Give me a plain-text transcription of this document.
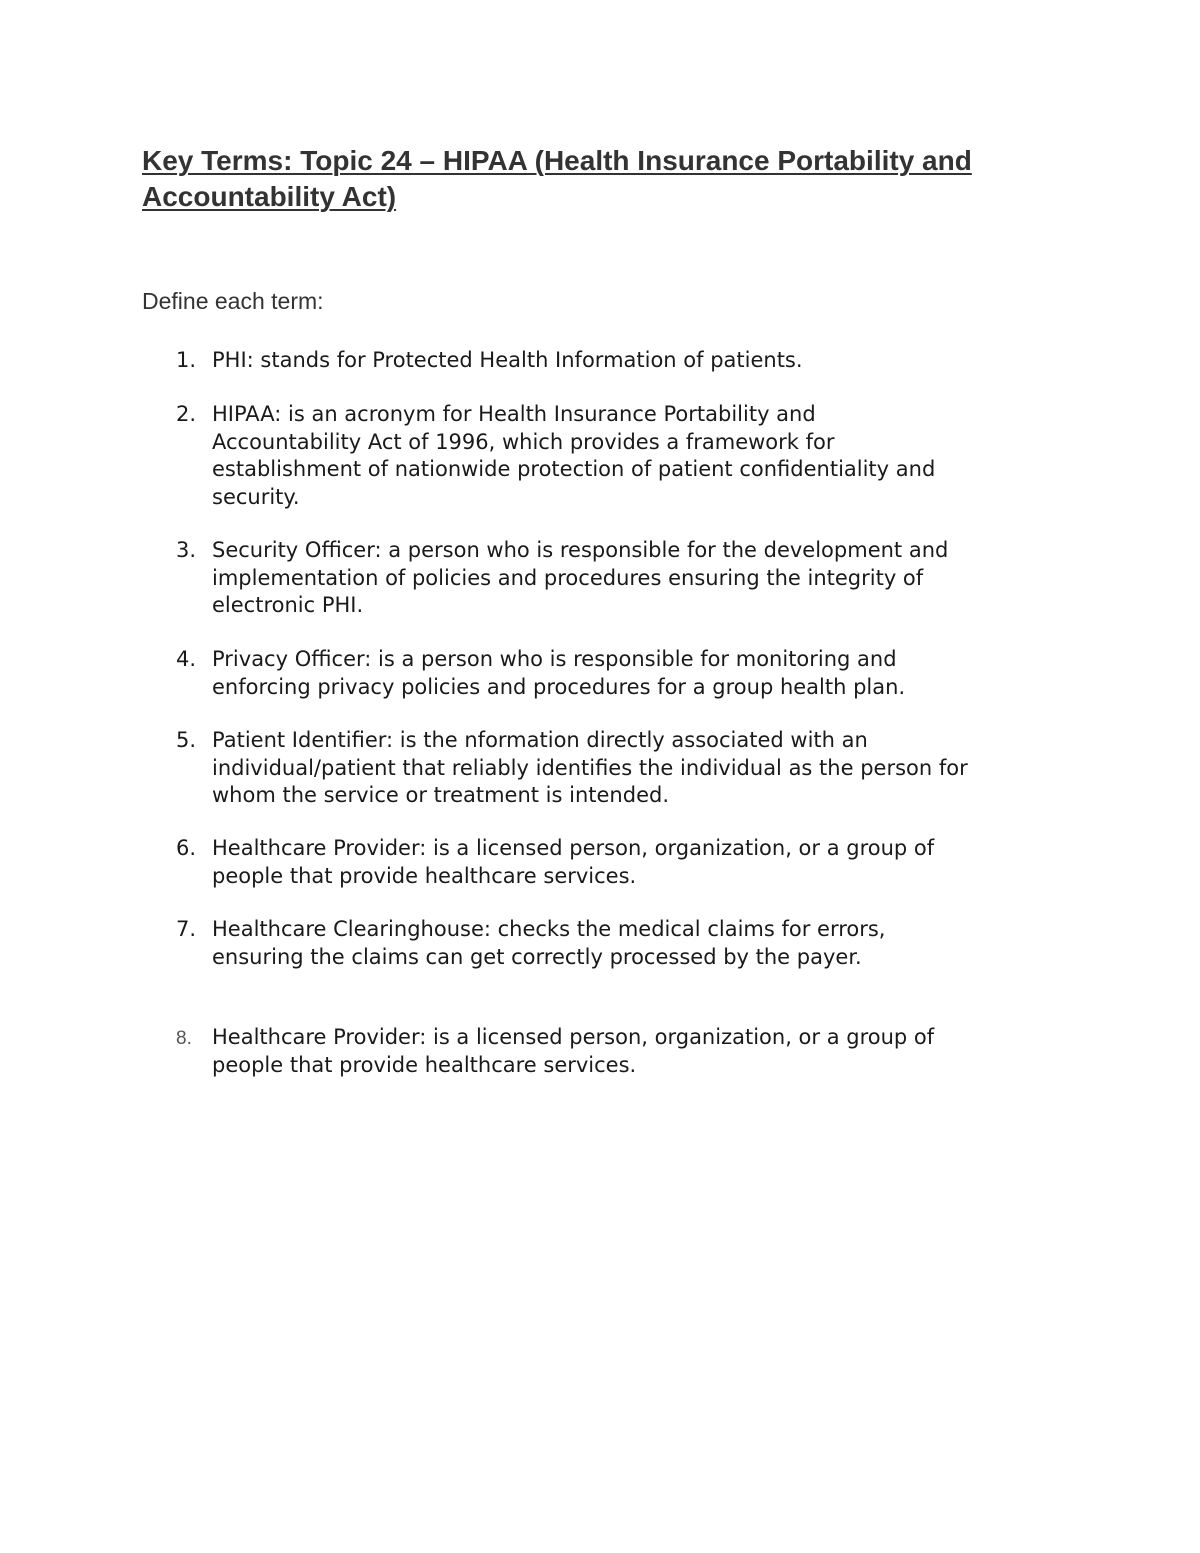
Key Terms: Topic 24 – HIPAA (Health Insurance Portability and Accountability Act)

Define each term:

1. PHI: stands for Protected Health Information of patients.
2. HIPAA: is an acronym for Health Insurance Portability and
Accountability Act of 1996, which provides a framework for
establishment of nationwide protection of patient confidentiality and
security.
3. Security Officer: a person who is responsible for the development and
implementation of policies and procedures ensuring the integrity of
electronic PHI.
4. Privacy Officer: is a person who is responsible for monitoring and
enforcing privacy policies and procedures for a group health plan.
5. Patient Identifier: is the nformation directly associated with an
individual/patient that reliably identifies the individual as the person for
whom the service or treatment is intended.
6. Healthcare Provider: is a licensed person, organization, or a group of
people that provide healthcare services.
7. Healthcare Clearinghouse: checks the medical claims for errors,
ensuring the claims can get correctly processed by the payer.
8. Healthcare Provider: is a licensed person, organization, or a group of
people that provide healthcare services.
